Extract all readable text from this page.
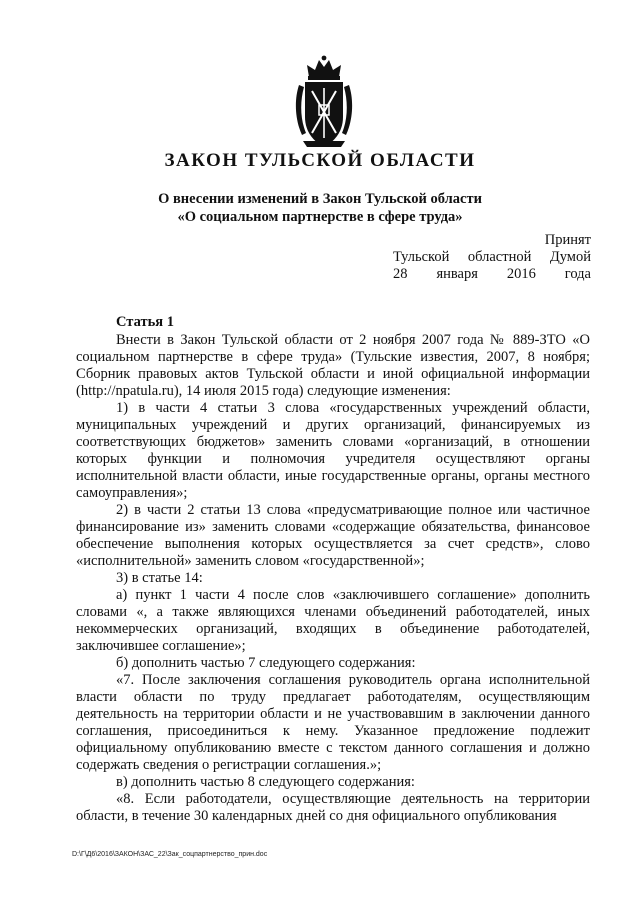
ЗАКОН ТУЛЬСКОЙ ОБЛАСТИ
О внесении изменений в Закон Тульской области
«О социальном партнерстве в сфере труда»
Принят
Тульской областной Думой
28 января 2016 года
Статья 1

Внести в Закон Тульской области от 2 ноября 2007 года № 889-ЗТО «О социальном партнерстве в сфере труда» (Тульские известия, 2007, 8 ноября; Сборник правовых актов Тульской области и иной официальной информации (http://npatula.ru), 14 июля 2015 года) следующие изменения:

1) в части 4 статьи 3 слова «государственных учреждений области, муниципальных учреждений и других организаций, финансируемых из соответствующих бюджетов» заменить словами «организаций, в отношении которых функции и полномочия учредителя осуществляют органы исполнительной власти области, иные государственные органы, органы местного самоуправления»;

2) в части 2 статьи 13 слова «предусматривающие полное или частичное финансирование из» заменить словами «содержащие обязательства, финансовое обеспечение выполнения которых осуществляется за счет средств», слово «исполнительной» заменить словом «государственной»;

3) в статье 14:

а) пункт 1 части 4 после слов «заключившего соглашение» дополнить словами «, а также являющихся членами объединений работодателей, иных некоммерческих организаций, входящих в объединение работодателей, заключившее соглашение»;

б) дополнить частью 7 следующего содержания:

«7. После заключения соглашения руководитель органа исполнительной власти области по труду предлагает работодателям, осуществляющим деятельность на территории области и не участвовавшим в заключении данного соглашения, присоединиться к нему. Указанное предложение подлежит официальному опубликованию вместе с текстом данного соглашения и должно содержать сведения о регистрации соглашения.»;

в) дополнить частью 8 следующего содержания:

«8. Если работодатели, осуществляющие деятельность на территории области, в течение 30 календарных дней со дня официального опубликования

D:\Г\Д6\2016\ЗАКОН\ЗАС_22\Зак_соцпартнерство_прин.doc
